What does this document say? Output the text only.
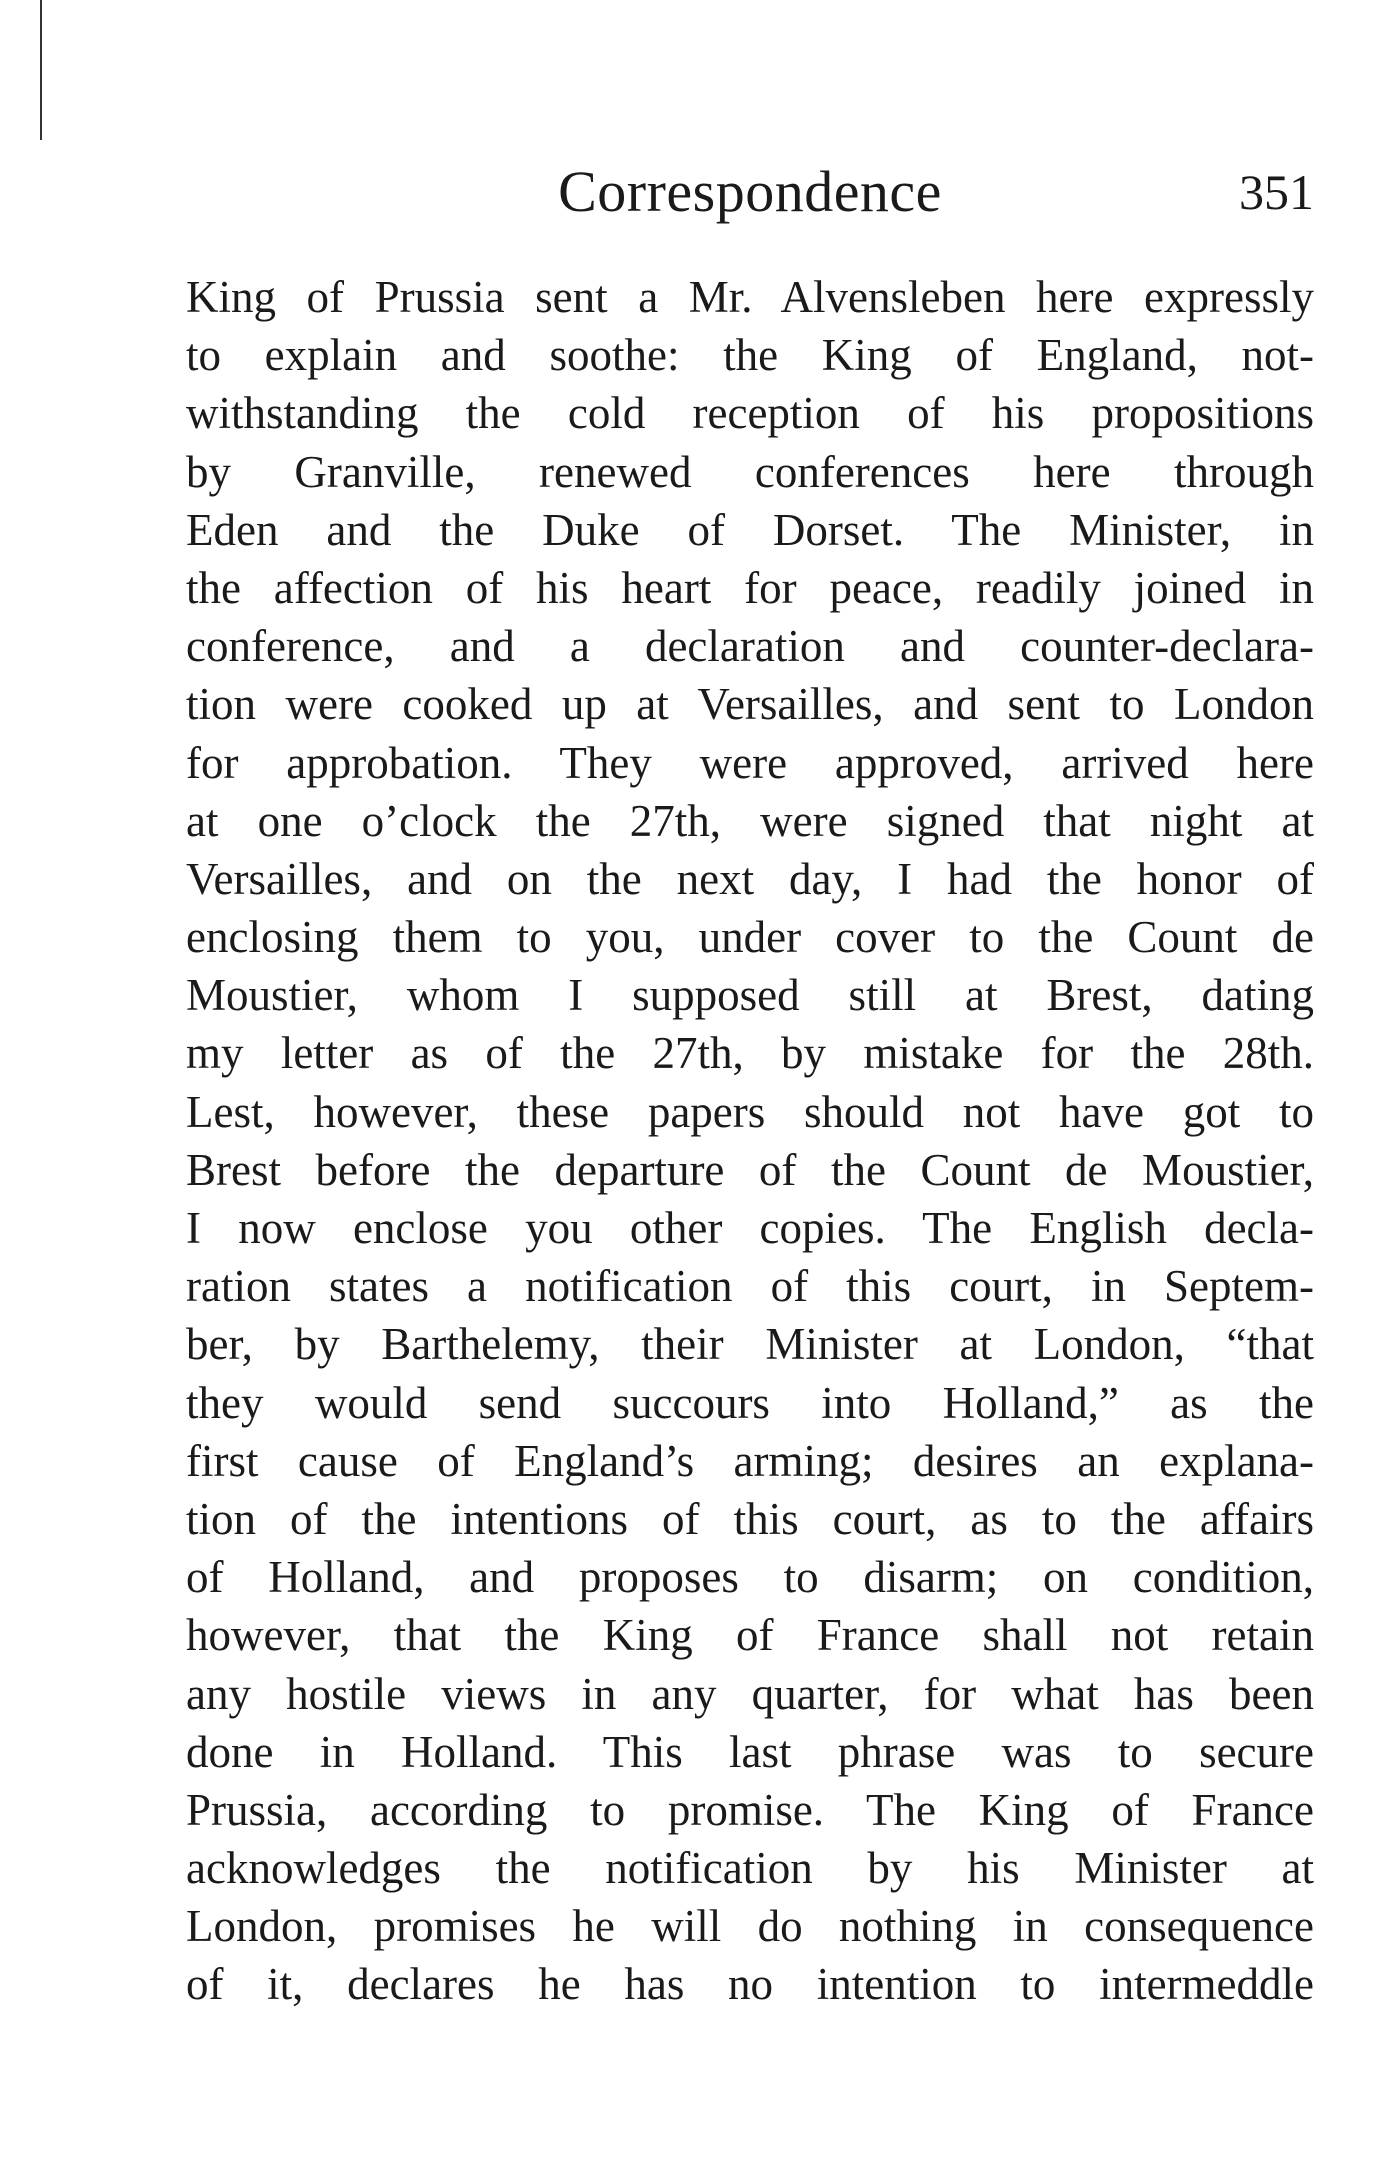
Correspondence	351
King of Prussia sent a Mr. Alvensleben here expressly
to explain and soothe: the King of England, not-
withstanding the cold reception of his propositions
by Granville, renewed conferences here through
Eden and the Duke of Dorset. The Minister, in
the affection of his heart for peace, readily joined in
conference, and a declaration and counter-declara-
tion were cooked up at Versailles, and sent to London
for approbation. They were approved, arrived here
at one o’clock the 27th, were signed that night at
Versailles, and on the next day, I had the honor of
enclosing them to you, under cover to the Count de
Moustier, whom I supposed still at Brest, dating
my letter as of the 27th, by mistake for the 28th.
Lest, however, these papers should not have got to
Brest before the departure of the Count de Moustier,
I now enclose you other copies. The English decla-
ration states a notification of this court, in Septem-
ber, by Barthelemy, their Minister at London, “that
they would send succours into Holland,” as the
first cause of England’s arming; desires an explana-
tion of the intentions of this court, as to the affairs
of Holland, and proposes to disarm; on condition,
however, that the King of France shall not retain
any hostile views in any quarter, for what has been
done in Holland. This last phrase was to secure
Prussia, according to promise. The King of France
acknowledges the notification by his Minister at
London, promises he will do nothing in consequence
of it, declares he has no intention to intermeddle
